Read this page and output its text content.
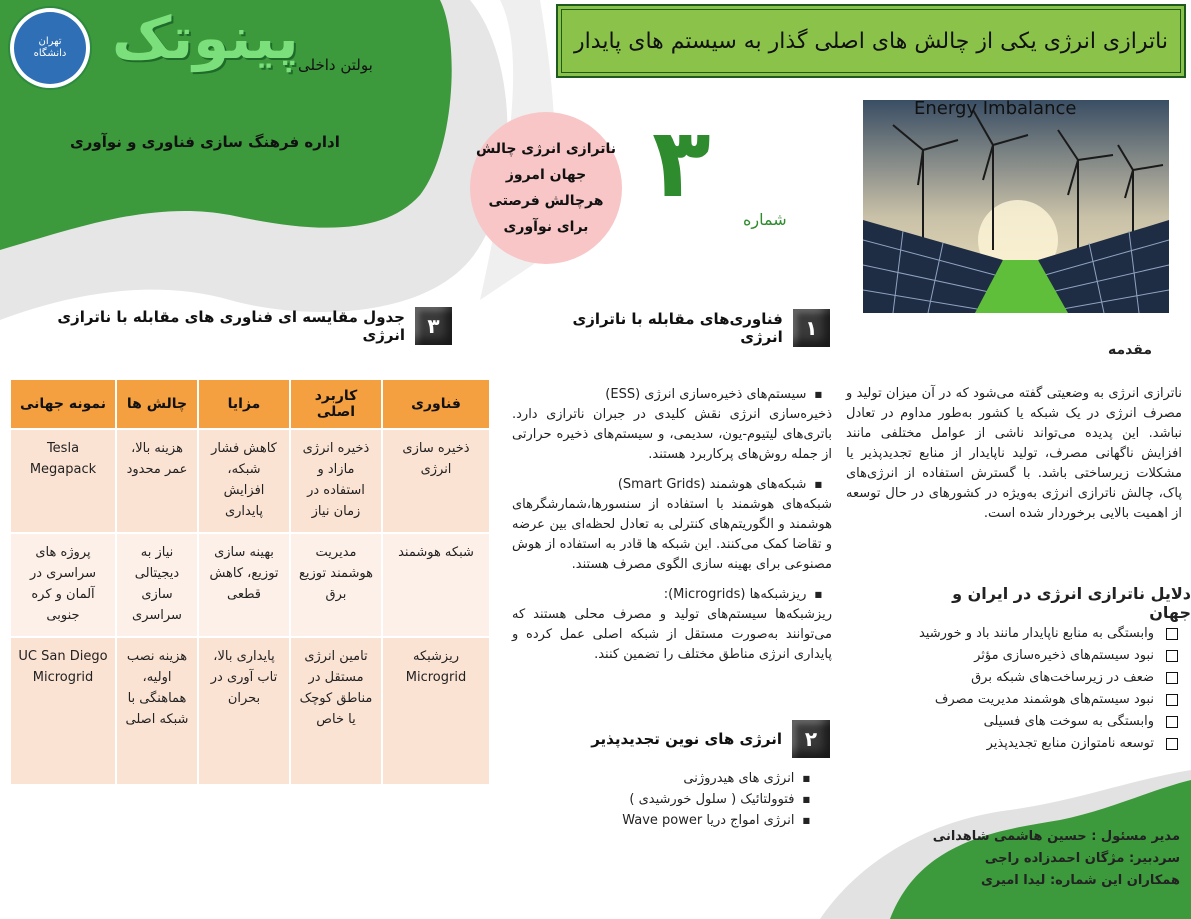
تهران
دانشگاه پینوتک بولتن داخلی
اداره فرهنگ سازی فناوری و نوآوری
ناترازی انرژی یکی از چالش های اصلی گذار به سیستم های پایدار
ناترازی انرژی چالش
جهان امروز
هرچالش فرصتی
برای نوآوری
۳
شماره
Energy Imbalance
مقدمه
ناترازی انرژی به وضعیتی گفته می‌شود که در آن میزان تولید و مصرف انرژی در یک شبکه یا کشور به‌طور مداوم در تعادل نباشد. این پدیده می‌تواند ناشی از عوامل مختلفی مانند افزایش ناگهانی مصرف، تولید ناپایدار از منابع تجدیدپذیر یا مشکلات زیرساختی باشد. با گسترش استفاده از انرژی‌های پاک، چالش ناترازی انرژی به‌ویژه در کشورهای در حال توسعه از اهمیت بالایی برخوردار شده است.
دلایل ناترازی انرژی در ایران و جهان
وابستگی به منابع ناپایدار مانند باد و خورشید
نبود سیستم‌های ذخیره‌سازی مؤثر
ضعف در زیرساخت‌های شبکه برق
نبود سیستم‌های هوشمند مدیریت مصرف
وابستگی به سوخت های فسیلی
توسعه نامتوازن منابع تجدیدپذیر
۱
فناوری‌های مقابله با ناترازی انرژی
■
سیستم‌های ذخیره‌سازی انرژی (ESS)

ذخیره‌سازی انرژی نقش کلیدی در جبران ناترازی دارد. باتری‌های لیتیوم-یون، سدیمی، و سیستم‌های ذخیره حرارتی از جمله روش‌های پرکاربرد هستند.

■
شبکه‌های هوشمند (Smart Grids)

شبکه‌های هوشمند با استفاده از سنسورها،شمارشگرهای هوشمند و الگوریتم‌های کنترلی به تعادل لحظه‌ای بین عرضه و تقاضا کمک می‌کنند. این شبکه ها قادر به استفاده از هوش مصنوعی برای بهینه سازی الگوی مصرف هستند.

■
ریزشبکه‌ها (Microgrids):

ریزشبکه‌ها سیستم‌های تولید و مصرف محلی هستند که می‌توانند به‌صورت مستقل از شبکه اصلی عمل کرده و پایداری انرژی مناطق مختلف را تضمین کنند.

۲
انرژی های نوین تجدیدپذیر
■
انرژی های هیدروژنی
■
فتوولتائیک ( سلول خورشیدی )
■
انرژی امواج دریا Wave power
۳
جدول مقایسه ای فناوری های مقابله با ناترازی انرژی
فناوری	کاربرد اصلی	مزایا	چالش ها	نمونه جهانی
ذخیره سازی انرژی	ذخیره انرژی مازاد و استفاده در زمان نیاز	کاهش فشار شبکه، افزایش پایداری	هزینه بالا، عمر محدود	Tesla Megapack
شبکه هوشمند	مدیریت هوشمند توزیع برق	بهینه سازی توزیع، کاهش قطعی	نیاز به دیجیتالی سازی سراسری	پروژه های سراسری در آلمان و کره جنوبی
ریزشبکه Microgrid	تامین انرژی مستقل در مناطق کوچک یا خاص	پایداری بالا، تاب آوری در بحران	هزینه نصب اولیه، هماهنگی با شبکه اصلی	UC San Diego Microgrid
مدیر مسئول : حسین هاشمی شاهدانی
سردبیر: مژگان احمدزاده راجی
همکاران این شماره: لیدا امیری
